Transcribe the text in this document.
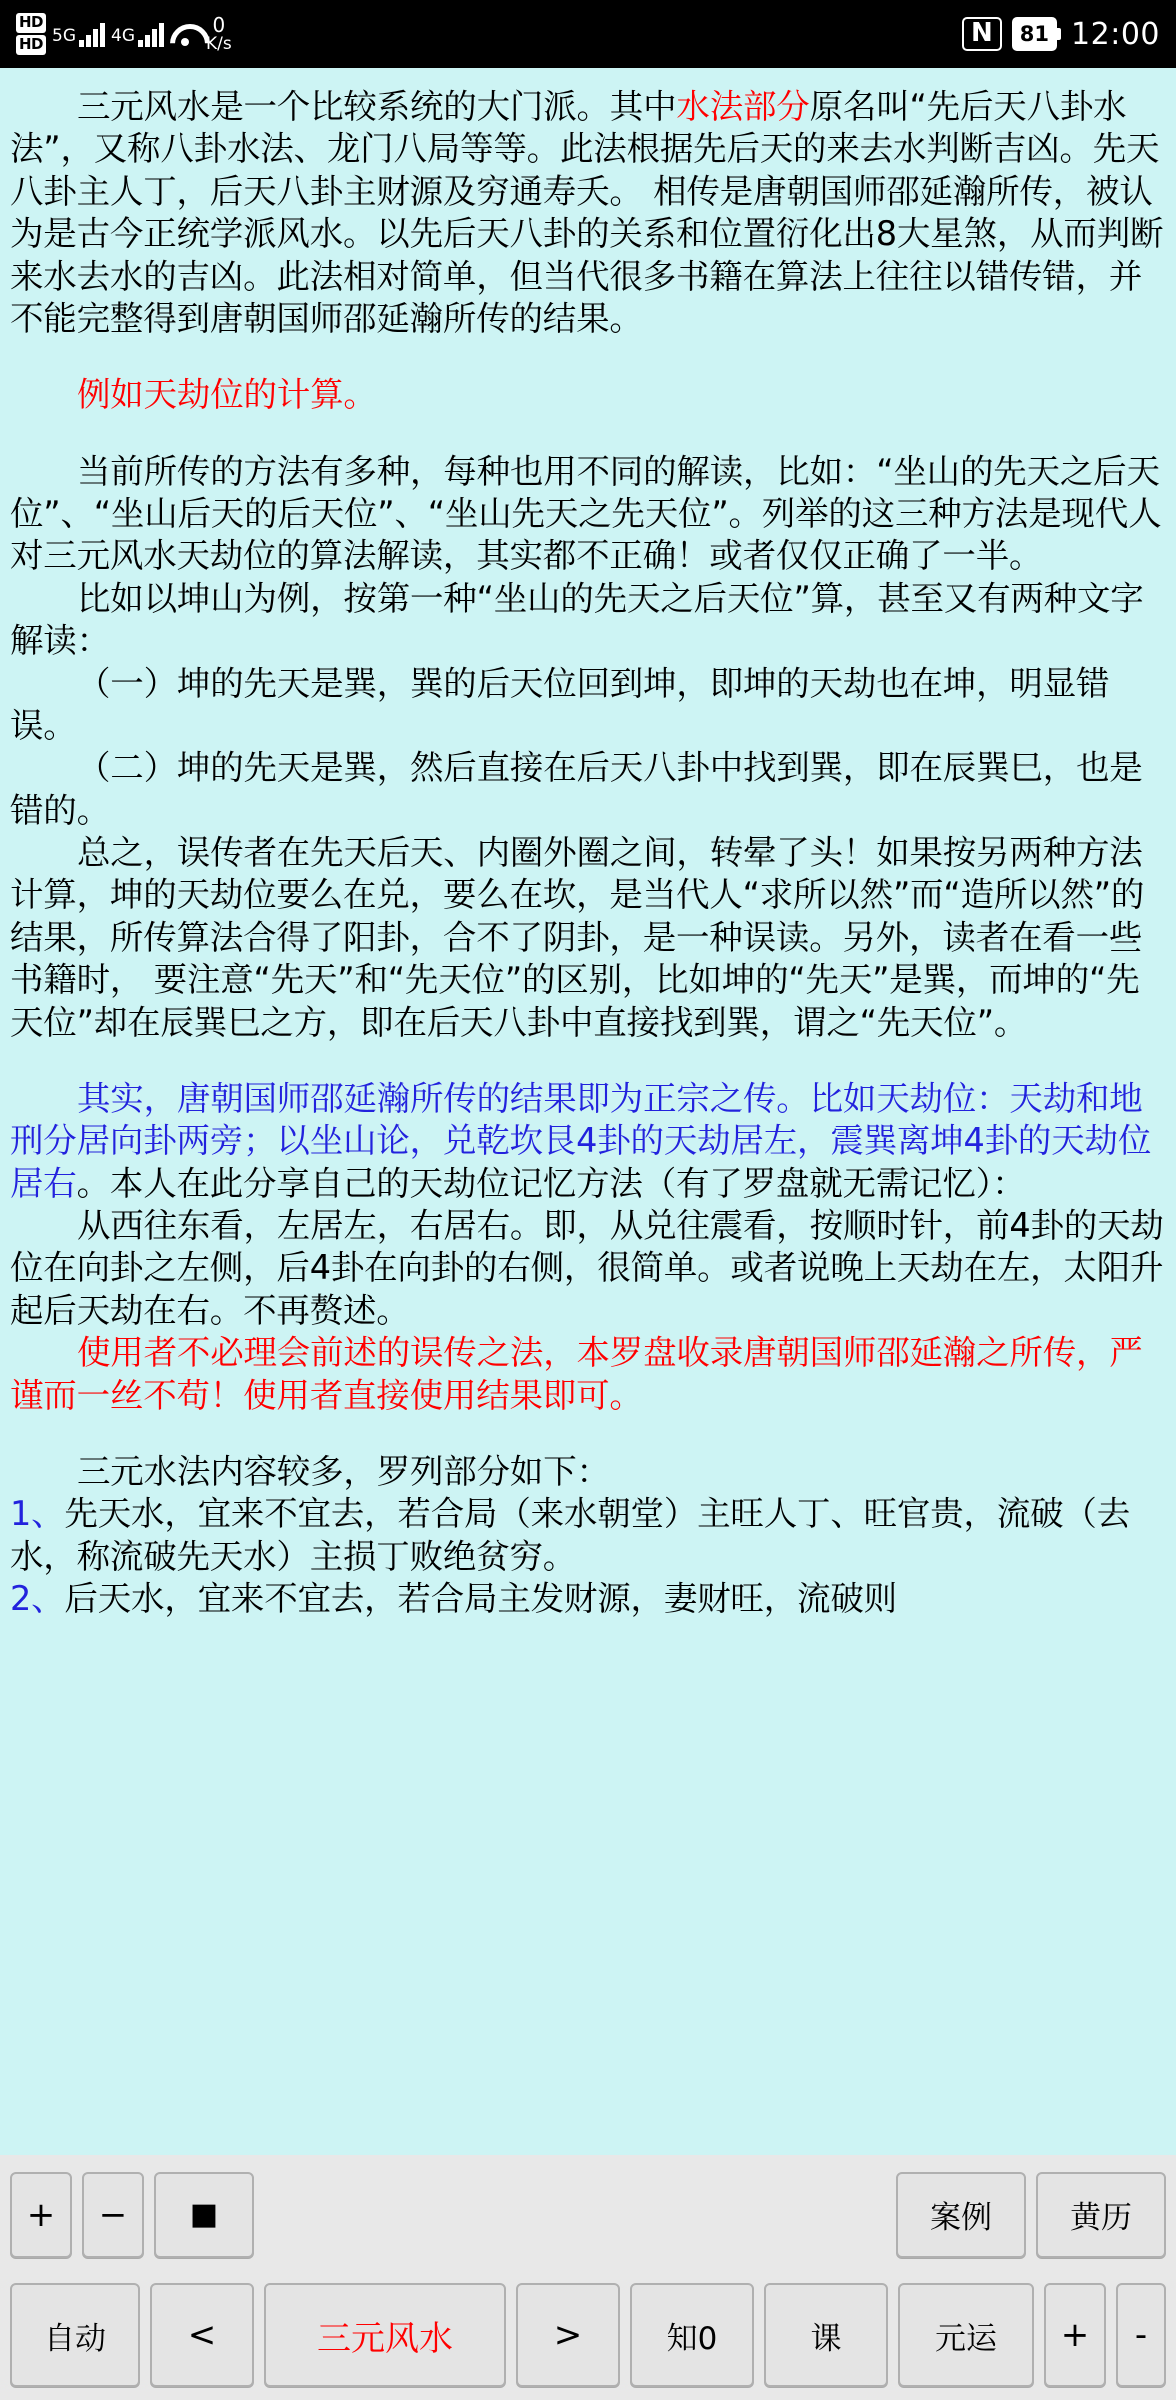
HD
HD 5G 4G	0
K/s	N	81 12:00

三元风水是一个比较系统的大门派。其中水法部分原名叫“先后天八卦水法”，又称八卦水法、龙门八局等等。此法根据先后天的来去水判断吉凶。先天八卦主人丁，后天八卦主财源及穷通寿夭。 相传是唐朝国师邵延瀚所传，被认为是古今正统学派风水。以先后天八卦的关系和位置衍化出8大星煞，从而判断来水去水的吉凶。此法相对简单，但当代很多书籍在算法上往往以错传错，并不能完整得到唐朝国师邵延瀚所传的结果。

例如天劫位的计算。

当前所传的方法有多种，每种也用不同的解读，比如：“坐山的先天之后天位”、“坐山后天的后天位”、“坐山先天之先天位”。列举的这三种方法是现代人对三元风水天劫位的算法解读，其实都不正确！或者仅仅正确了一半。

比如以坤山为例，按第一种“坐山的先天之后天位”算，甚至又有两种文字解读：

（一）坤的先天是巽，巽的后天位回到坤，即坤的天劫也在坤，明显错误。

（二）坤的先天是巽，然后直接在后天八卦中找到巽，即在辰巽巳，也是错的。

总之，误传者在先天后天、内圈外圈之间，转晕了头！如果按另两种方法计算，坤的天劫位要么在兑，要么在坎，是当代人“求所以然”而“造所以然”的结果，所传算法合得了阳卦，合不了阴卦，是一种误读。另外，读者在看一些书籍时， 要注意“先天”和“先天位”的区别，比如坤的“先天”是巽，而坤的“先天位”却在辰巽巳之方，即在后天八卦中直接找到巽，谓之“先天位”。

其实，唐朝国师邵延瀚所传的结果即为正宗之传。比如天劫位：天劫和地刑分居向卦两旁；以坐山论，兑乾坎艮4卦的天劫居左，震巽离坤4卦的天劫位居右。本人在此分享自己的天劫位记忆方法（有了罗盘就无需记忆）：

从西往东看，左居左，右居右。即，从兑往震看，按顺时针，前4卦的天劫位在向卦之左侧，后4卦在向卦的右侧，很简单。或者说晚上天劫在左，太阳升起后天劫在右。不再赘述。

使用者不必理会前述的误传之法，本罗盘收录唐朝国师邵延瀚之所传，严谨而一丝不苟！使用者直接使用结果即可。

三元水法内容较多，罗列部分如下：

1、先天水，宜来不宜去，若合局（来水朝堂）主旺人丁、旺官贵，流破（去水，称流破先天水）主损丁败绝贫穷。

2、后天水，宜来不宜去，若合局主发财源，妻财旺，流破则

+	−	■	案例	黄历
自动	<	三元风水	>	知0	课	元运	+	-
